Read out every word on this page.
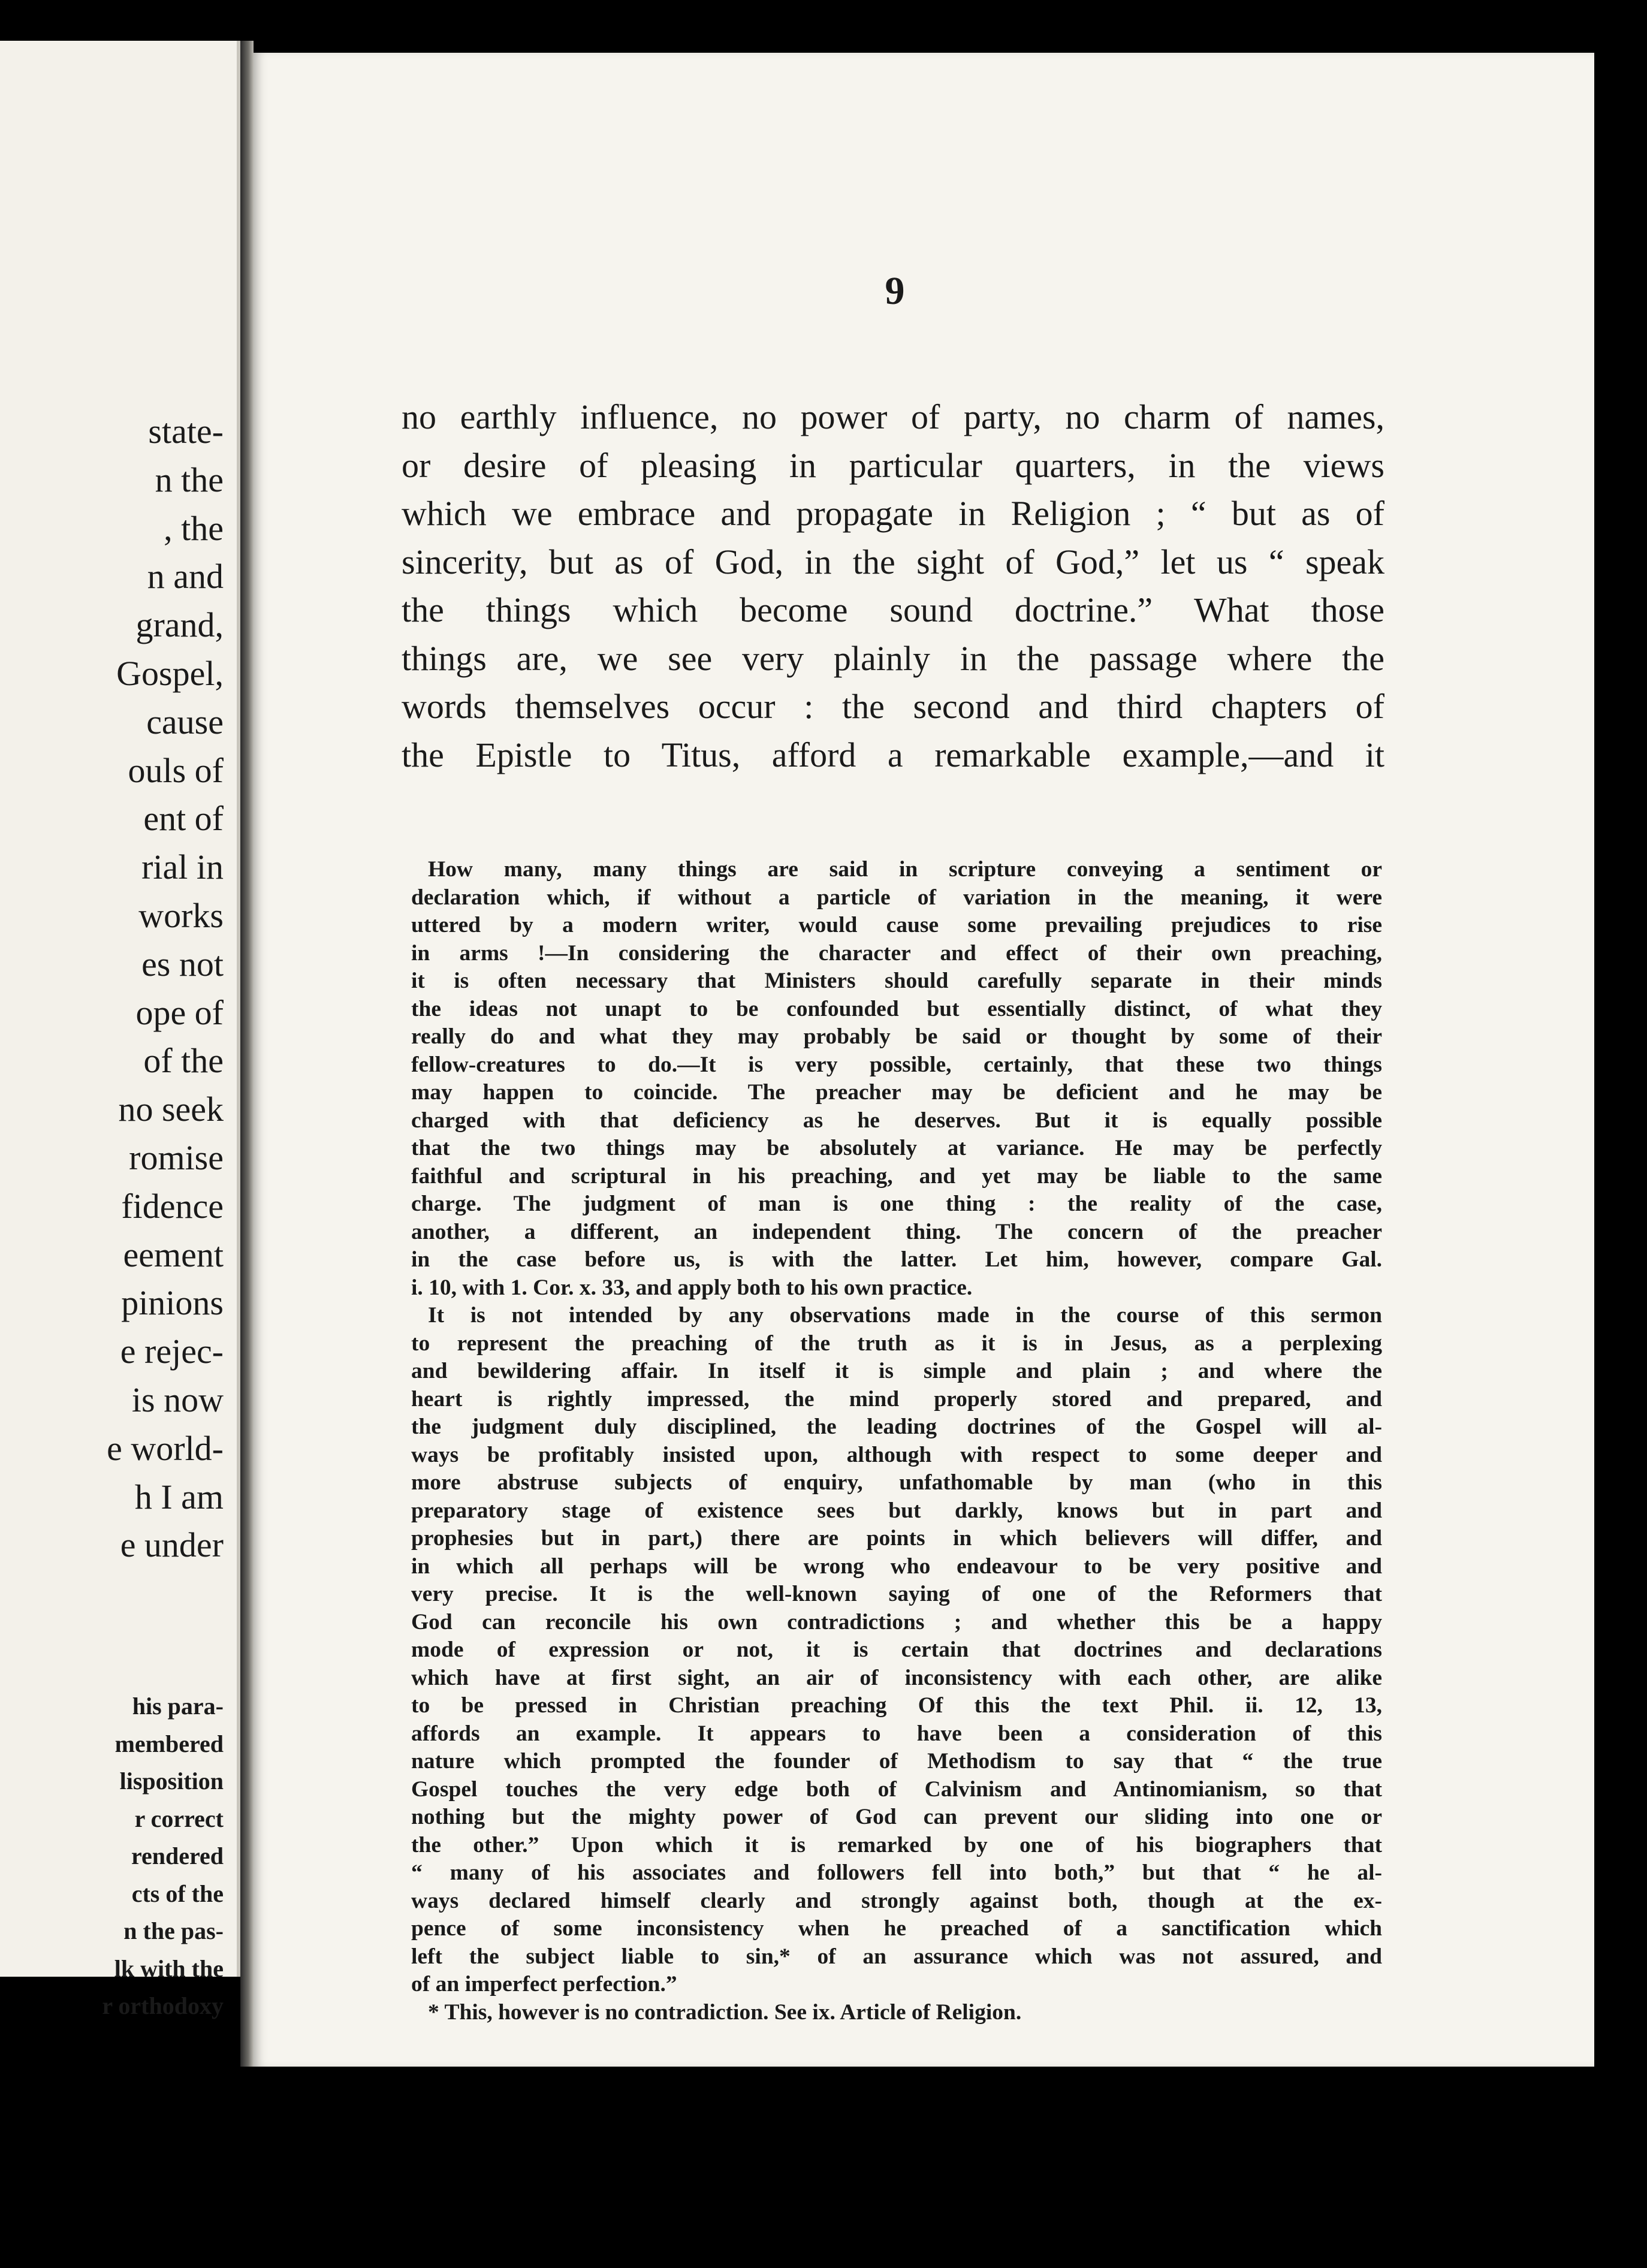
state-
n the
, the
n and
grand,
Gospel,
cause
ouls of
ent of
rial in
works
es not
ope of
of the
no seek
romise
fidence
eement
pinions
e rejec-
is now
e world-
h I am
e under
his para-
membered
lisposition
r correct
rendered
cts of the
n the pas-
lk with the
r orthodoxy
9
no earthly influence, no power of party, no charm of names,
or desire of pleasing in particular quarters, in the views
which we embrace and propagate in Religion ; “ but as of
sincerity, but as of God, in the sight of God,” let us “ speak
the things which become sound doctrine.” What those
things are, we see very plainly in the passage where the
words themselves occur : the second and third chapters of
the Epistle to Titus, afford a remarkable example,—and it
How many, many things are said in scripture conveying a sentiment or
declaration which, if without a particle of variation in the meaning, it were
uttered by a modern writer, would cause some prevailing prejudices to rise
in arms !—In considering the character and effect of their own preaching,
it is often necessary that Ministers should carefully separate in their minds
the ideas not unapt to be confounded but essentially distinct, of what they
really do and what they may probably be said or thought by some of their
fellow-creatures to do.—It is very possible, certainly, that these two things
may happen to coincide. The preacher may be deficient and he may be
charged with that deficiency as he deserves. But it is equally possible
that the two things may be absolutely at variance. He may be perfectly
faithful and scriptural in his preaching, and yet may be liable to the same
charge. The judgment of man is one thing : the reality of the case,
another, a different, an independent thing. The concern of the preacher
in the case before us, is with the latter. Let him, however, compare Gal.
i. 10, with 1. Cor. x. 33, and apply both to his own practice.
It is not intended by any observations made in the course of this sermon
to represent the preaching of the truth as it is in Jesus, as a perplexing
and bewildering affair. In itself it is simple and plain ; and where the
heart is rightly impressed, the mind properly stored and prepared, and
the judgment duly disciplined, the leading doctrines of the Gospel will al-
ways be profitably insisted upon, although with respect to some deeper and
more abstruse subjects of enquiry, unfathomable by man (who in this
preparatory stage of existence sees but darkly, knows but in part and
prophesies but in part,) there are points in which believers will differ, and
in which all perhaps will be wrong who endeavour to be very positive and
very precise. It is the well-known saying of one of the Reformers that
God can reconcile his own contradictions ; and whether this be a happy
mode of expression or not, it is certain that doctrines and declarations
which have at first sight, an air of inconsistency with each other, are alike
to be pressed in Christian preaching Of this the text Phil. ii. 12, 13,
affords an example. It appears to have been a consideration of this
nature which prompted the founder of Methodism to say that “ the true
Gospel touches the very edge both of Calvinism and Antinomianism, so that
nothing but the mighty power of God can prevent our sliding into one or
the other.” Upon which it is remarked by one of his biographers that
“ many of his associates and followers fell into both,” but that “ he al-
ways declared himself clearly and strongly against both, though at the ex-
pence of some inconsistency when he preached of a sanctification which
left the subject liable to sin,* of an assurance which was not assured, and
of an imperfect perfection.”
* This, however is no contradiction. See ix. Article of Religion.
